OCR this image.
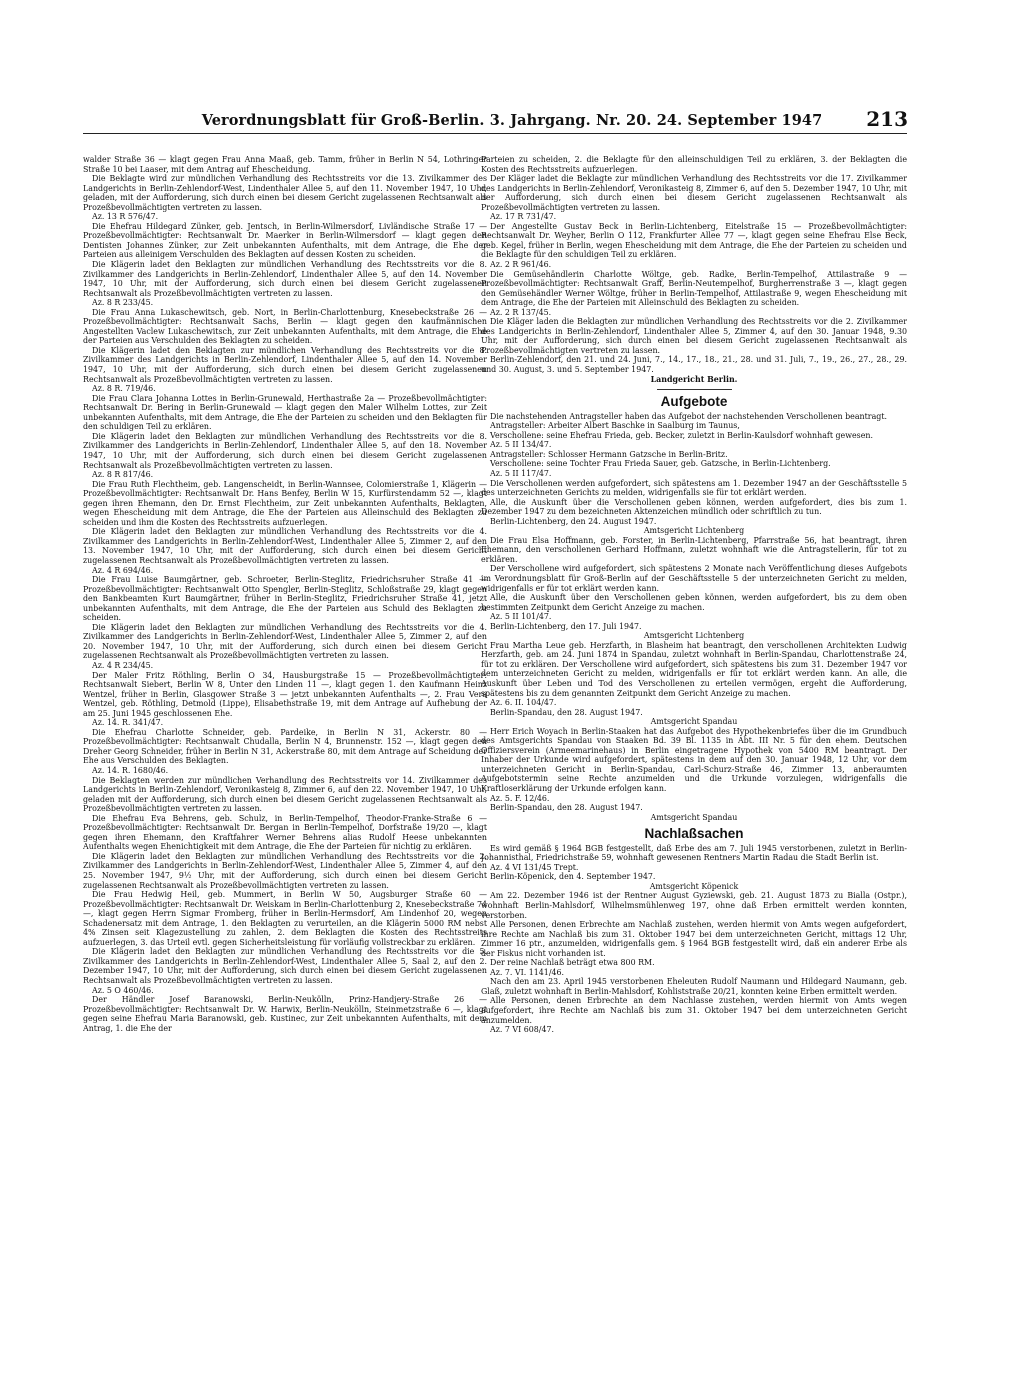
Verordnungsblatt für Groß-Berlin. 3. Jahrgang. Nr. 20. 24. September 1947	213

walder Straße 36 — klagt gegen Frau Anna Maaß, geb. Tamm, früher in Berlin N 54, Lothringer Straße 10 bei Laaser, mit dem Antrag auf Ehescheidung.

Die Beklagte wird zur mündlichen Verhandlung des Rechtsstreits vor die 13. Zivilkammer des Landgerichts in Berlin-Zehlendorf-West, Lindenthaler Allee 5, auf den 11. November 1947, 10 Uhr, geladen, mit der Aufforderung, sich durch einen bei diesem Gericht zugelassenen Rechtsanwalt als Prozeßbevollmächtigten vertreten zu lassen.

Az. 13 R 576/47.

Die Ehefrau Hildegard Zünker, geb. Jentsch, in Berlin-Wilmersdorf, Livländische Straße 17 — Prozeßbevollmächtigter: Rechtsanwalt Dr. Maerker in Berlin-Wilmersdorf — klagt gegen den Dentisten Johannes Zünker, zur Zeit unbekannten Aufenthalts, mit dem Antrage, die Ehe der Parteien aus alleinigem Verschulden des Beklagten auf dessen Kosten zu scheiden.

Die Klägerin ladet den Beklagten zur mündlichen Verhandlung des Rechtsstreits vor die 8. Zivilkammer des Landgerichts in Berlin-Zehlendorf, Lindenthaler Allee 5, auf den 14. November 1947, 10 Uhr, mit der Aufforderung, sich durch einen bei diesem Gericht zugelassenen Rechtsanwalt als Prozeßbevollmächtigten vertreten zu lassen.

Az. 8 R 233/45.

Die Frau Anna Lukaschewitsch, geb. Nort, in Berlin-Charlottenburg, Knesebeckstraße 26 — Prozeßbevollmächtigter: Rechtsanwalt Sachs, Berlin — klagt gegen den kaufmännischen Angestellten Vaclew Lukaschewitsch, zur Zeit unbekannten Aufenthalts, mit dem Antrage, die Ehe der Parteien aus Verschulden des Beklagten zu scheiden.

Die Klägerin ladet den Beklagten zur mündlichen Verhandlung des Rechtsstreits vor die 8. Zivilkammer des Landgerichts in Berlin-Zehlendorf, Lindenthaler Allee 5, auf den 14. November 1947, 10 Uhr, mit der Aufforderung, sich durch einen bei diesem Gericht zugelassenen Rechtsanwalt als Prozeßbevollmächtigten vertreten zu lassen.

Az. 8 R. 719/46.

Die Frau Clara Johanna Lottes in Berlin-Grunewald, Herthastraße 2a — Prozeßbevollmächtigter: Rechtsanwalt Dr. Bering in Berlin-Grunewald — klagt gegen den Maler Wilhelm Lottes, zur Zeit unbekannten Aufenthalts, mit dem Antrage, die Ehe der Parteien zu scheiden und den Beklagten für den schuldigen Teil zu erklären.

Die Klägerin ladet den Beklagten zur mündlichen Verhandlung des Rechtsstreits vor die 8. Zivilkammer des Landgerichts in Berlin-Zehlendorf, Lindenthaler Allee 5, auf den 18. November 1947, 10 Uhr, mit der Aufforderung, sich durch einen bei diesem Gericht zugelassenen Rechtsanwalt als Prozeßbevollmächtigten vertreten zu lassen.

Az. 8 R 817/46.

Die Frau Ruth Flechtheim, geb. Langenscheidt, in Berlin-Wannsee, Colomierstraße 1, Klägerin — Prozeßbevollmächtigter: Rechtsanwalt Dr. Hans Benfey, Berlin W 15, Kurfürstendamm 52 —, klagt gegen ihren Ehemann, den Dr. Ernst Flechtheim, zur Zeit unbekannten Aufenthalts, Beklagten, wegen Ehescheidung mit dem Antrage, die Ehe der Parteien aus Alleinschuld des Beklagten zu scheiden und ihm die Kosten des Rechtsstreits aufzuerlegen.

Die Klägerin ladet den Beklagten zur mündlichen Verhandlung des Rechtsstreits vor die 4. Zivilkammer des Landgerichts in Berlin-Zehlendorf-West, Lindenthaler Allee 5, Zimmer 2, auf den 13. November 1947, 10 Uhr, mit der Aufforderung, sich durch einen bei diesem Gericht zugelassenen Rechtsanwalt als Prozeßbevollmächtigten vertreten zu lassen.

Az. 4 R 694/46.

Die Frau Luise Baumgärtner, geb. Schroeter, Berlin-Steglitz, Friedrichsruher Straße 41 — Prozeßbevollmächtigter: Rechtsanwalt Otto Spengler, Berlin-Steglitz, Schloßstraße 29, klagt gegen den Bankbeamten Kurt Baumgärtner, früher in Berlin-Steglitz, Friedrichsruher Straße 41, jetzt unbekannten Aufenthalts, mit dem Antrage, die Ehe der Parteien aus Schuld des Beklagten zu scheiden.

Die Klägerin ladet den Beklagten zur mündlichen Verhandlung des Rechtsstreits vor die 4. Zivilkammer des Landgerichts in Berlin-Zehlendorf-West, Lindenthaler Allee 5, Zimmer 2, auf den 20. November 1947, 10 Uhr, mit der Aufforderung, sich durch einen bei diesem Gericht zugelassenen Rechtsanwalt als Prozeßbevollmächtigten vertreten zu lassen.

Az. 4 R 234/45.

Der Maler Fritz Röthling, Berlin O 34, Hausburgstraße 15 — Prozeßbevollmächtigter: Rechtsanwalt Siebert, Berlin W 8, Unter den Linden 11 —, klagt gegen 1. den Kaufmann Heinz Wentzel, früher in Berlin, Glasgower Straße 3 — jetzt unbekannten Aufenthalts —, 2. Frau Vera Wentzel, geb. Röthling, Detmold (Lippe), Elisabethstraße 19, mit dem Antrage auf Aufhebung der am 25. Juni 1945 geschlossenen Ehe.

Az. 14. R. 341/47.

Die Ehefrau Charlotte Schneider, geb. Pardeike, in Berlin N 31, Ackerstr. 80 — Prozeßbevollmächtigter: Rechtsanwalt Chudalla, Berlin N 4, Brunnenstr. 152 —, klagt gegen den Dreher Georg Schneider, früher in Berlin N 31, Ackerstraße 80, mit dem Antrage auf Scheidung der Ehe aus Verschulden des Beklagten.

Az. 14. R. 1680/46.

Die Beklagten werden zur mündlichen Verhandlung des Rechtsstreits vor 14. Zivilkammer des Landgerichts in Berlin-Zehlendorf, Veronikasteig 8, Zimmer 6, auf den 22. November 1947, 10 Uhr, geladen mit der Aufforderung, sich durch einen bei diesem Gericht zugelassenen Rechtsanwalt als Prozeßbevollmächtigten vertreten zu lassen.

Die Ehefrau Eva Behrens, geb. Schulz, in Berlin-Tempelhof, Theodor-Franke-Straße 6 — Prozeßbevollmächtigter: Rechtsanwalt Dr. Bergan in Berlin-Tempelhof, Dorfstraße 19/20 —, klagt gegen ihren Ehemann, den Kraftfahrer Werner Behrens alias Rudolf Heese unbekannten Aufenthalts wegen Ehenichtigkeit mit dem Antrage, die Ehe der Parteien für nichtig zu erklären.

Die Klägerin ladet den Beklagten zur mündlichen Verhandlung des Rechtsstreits vor die 2. Zivilkammer des Landgerichts in Berlin-Zehlendorf-West, Lindenthaler Allee 5, Zimmer 4, auf den 25. November 1947, 9½ Uhr, mit der Aufforderung, sich durch einen bei diesem Gericht zugelassenen Rechtsanwalt als Prozeßbevollmächtigten vertreten zu lassen.

Die Frau Hedwig Heil, geb. Mummert, in Berlin W 50, Augsburger Straße 60 — Prozeßbevollmächtigter: Rechtsanwalt Dr. Weiskam in Berlin-Charlottenburg 2, Knesebeckstraße 74 —, klagt gegen Herrn Sigmar Fromberg, früher in Berlin-Hermsdorf, Am Lindenhof 20, wegen Schadenersatz mit dem Antrage, 1. den Beklagten zu verurteilen, an die Klägerin 5000 RM nebst 4% Zinsen seit Klagezustellung zu zahlen, 2. dem Beklagten die Kosten des Rechtsstreits aufzuerlegen, 3. das Urteil evtl. gegen Sicherheitsleistung für vorläufig vollstreckbar zu erklären.

Die Klägerin ladet den Beklagten zur mündlichen Verhandlung des Rechtsstreits vor die 5. Zivilkammer des Landgerichts in Berlin-Zehlendorf-West, Lindenthaler Allee 5, Saal 2, auf den 2. Dezember 1947, 10 Uhr, mit der Aufforderung, sich durch einen bei diesem Gericht zugelassenen Rechtsanwalt als Prozeßbevollmächtigten vertreten zu lassen.

Az. 5 O 460/46.

Der Händler Josef Baranowski, Berlin-Neukölln, Prinz-Handjery-Straße 26 — Prozeßbevollmächtigter: Rechtsanwalt Dr. W. Harwix, Berlin-Neukölln, Steinmetzstraße 6 —, klagt gegen seine Ehefrau Maria Baranowski, geb. Kustinec, zur Zeit unbekannten Aufenthalts, mit dem Antrag, 1. die Ehe der

Parteien zu scheiden, 2. die Beklagte für den alleinschuldigen Teil zu erklären, 3. der Beklagten die Kosten des Rechtsstreits aufzuerlegen.

Der Kläger ladet die Beklagte zur mündlichen Verhandlung des Rechtsstreits vor die 17. Zivilkammer des Landgerichts in Berlin-Zehlendorf, Veronikasteig 8, Zimmer 6, auf den 5. Dezember 1947, 10 Uhr, mit der Aufforderung, sich durch einen bei diesem Gericht zugelassenen Rechtsanwalt als Prozeßbevollmächtigten vertreten zu lassen.

Az. 17 R 731/47.

Der Angestellte Gustav Beck in Berlin-Lichtenberg, Eitelstraße 15 — Prozeßbevollmächtigter: Rechtsanwalt Dr. Weyher, Berlin O 112, Frankfurter Allee 77 —, klagt gegen seine Ehefrau Else Beck, geb. Kegel, früher in Berlin, wegen Ehescheidung mit dem Antrage, die Ehe der Parteien zu scheiden und die Beklagte für den schuldigen Teil zu erklären.

Az. 2 R 961/46.

Die Gemüsehändlerin Charlotte Wöltge, geb. Radke, Berlin-Tempelhof, Attilastraße 9 — Prozeßbevollmächtigter: Rechtsanwalt Graff, Berlin-Neutempelhof, Burgherrenstraße 3 —, klagt gegen den Gemüsehändler Werner Wöltge, früher in Berlin-Tempelhof, Attilastraße 9, wegen Ehescheidung mit dem Antrage, die Ehe der Parteien mit Alleinschuld des Beklagten zu scheiden.

Az. 2 R 137/45.

Die Kläger laden die Beklagten zur mündlichen Verhandlung des Rechtsstreits vor die 2. Zivilkammer des Landgerichts in Berlin-Zehlendorf, Lindenthaler Allee 5, Zimmer 4, auf den 30. Januar 1948, 9.30 Uhr, mit der Aufforderung, sich durch einen bei diesem Gericht zugelassenen Rechtsanwalt als Prozeßbevollmächtigten vertreten zu lassen.

Berlin-Zehlendorf, den 21. und 24. Juni, 7., 14., 17., 18., 21., 28. und 31. Juli, 7., 19., 26., 27., 28., 29. und 30. August, 3. und 5. September 1947.

Landgericht Berlin.

Aufgebote

Die nachstehenden Antragsteller haben das Aufgebot der nachstehenden Verschollenen beantragt.

Antragsteller: Arbeiter Albert Baschke in Saalburg im Taunus,

Verschollene: seine Ehefrau Frieda, geb. Becker, zuletzt in Berlin-Kaulsdorf wohnhaft gewesen.

Az. 5 II 134/47.

Antragsteller: Schlosser Hermann Gatzsche in Berlin-Britz.

Verschollene: seine Tochter Frau Frieda Sauer, geb. Gatzsche, in Berlin-Lichtenberg.

Az. 5 II 117/47.

Die Verschollenen werden aufgefordert, sich spätestens am 1. Dezember 1947 an der Geschäftsstelle 5 des unterzeichneten Gerichts zu melden, widrigenfalls sie für tot erklärt werden.

Alle, die Auskunft über die Verschollenen geben können, werden aufgefordert, dies bis zum 1. Dezember 1947 zu dem bezeichneten Aktenzeichen mündlich oder schriftlich zu tun.

Berlin-Lichtenberg, den 24. August 1947.

Amtsgericht Lichtenberg

Die Frau Elsa Hoffmann, geb. Forster, in Berlin-Lichtenberg, Pfarrstraße 56, hat beantragt, ihren Ehemann, den verschollenen Gerhard Hoffmann, zuletzt wohnhaft wie die Antragstellerin, für tot zu erklären.

Der Verschollene wird aufgefordert, sich spätestens 2 Monate nach Veröffentlichung dieses Aufgebots im Verordnungsblatt für Groß-Berlin auf der Geschäftsstelle 5 der unterzeichneten Gericht zu melden, widrigenfalls er für tot erklärt werden kann.

Alle, die Auskunft über den Verschollenen geben können, werden aufgefordert, bis zu dem oben bestimmten Zeitpunkt dem Gericht Anzeige zu machen.

Az. 5 II 101/47.

Berlin-Lichtenberg, den 17. Juli 1947.

Amtsgericht Lichtenberg

Frau Martha Leue geb. Herzfarth, in Blasheim hat beantragt, den verschollenen Architekten Ludwig Herzfarth, geb. am 24. Juni 1874 in Spandau, zuletzt wohnhaft in Berlin-Spandau, Charlottenstraße 24, für tot zu erklären. Der Verschollene wird aufgefordert, sich spätestens bis zum 31. Dezember 1947 vor dem unterzeichneten Gericht zu melden, widrigenfalls er für tot erklärt werden kann. An alle, die Auskunft über Leben und Tod des Verschollenen zu erteilen vermögen, ergeht die Aufforderung, spätestens bis zu dem genannten Zeitpunkt dem Gericht Anzeige zu machen.

Az. 6. II. 104/47.

Berlin-Spandau, den 28. August 1947.

Amtsgericht Spandau

Herr Erich Woyach in Berlin-Staaken hat das Aufgebot des Hypothekenbriefes über die im Grundbuch des Amtsgerichts Spandau von Staaken Bd. 39 Bl. 1135 in Abt. III Nr. 5 für den ehem. Deutschen Offiziersverein (Armeemarinehaus) in Berlin eingetragene Hypothek von 5400 RM beantragt. Der Inhaber der Urkunde wird aufgefordert, spätestens in dem auf den 30. Januar 1948, 12 Uhr, vor dem unterzeichneten Gericht in Berlin-Spandau, Carl-Schurz-Straße 46, Zimmer 13, anberaumten Aufgebotstermin seine Rechte anzumelden und die Urkunde vorzulegen, widrigenfalls die Kraftloserklärung der Urkunde erfolgen kann.

Az. 5. F. 12/46.

Berlin-Spandau, den 28. August 1947.

Amtsgericht Spandau

Nachlaßsachen

Es wird gemäß § 1964 BGB festgestellt, daß Erbe des am 7. Juli 1945 verstorbenen, zuletzt in Berlin-Johannisthal, Friedrichstraße 59, wohnhaft gewesenen Rentners Martin Radau die Stadt Berlin ist.

Az. 4 VI 131/45 Trept.

Berlin-Köpenick, den 4. September 1947.

Amtsgericht Köpenick

Am 22. Dezember 1946 ist der Rentner August Gyziewski, geb. 21. August 1873 zu Bialla (Ostpr.), wohnhaft Berlin-Mahlsdorf, Wilhelmsmühlenweg 197, ohne daß Erben ermittelt werden konnten, verstorben.

Alle Personen, denen Erbrechte am Nachlaß zustehen, werden hiermit von Amts wegen aufgefordert, ihre Rechte am Nachlaß bis zum 31. Oktober 1947 bei dem unterzeichneten Gericht, mittags 12 Uhr, Zimmer 16 ptr., anzumelden, widrigenfalls gem. § 1964 BGB festgestellt wird, daß ein anderer Erbe als der Fiskus nicht vorhanden ist.

Der reine Nachlaß beträgt etwa 800 RM.

Az. 7. VI. 1141/46.

Nach den am 23. April 1945 verstorbenen Eheleuten Rudolf Naumann und Hildegard Naumann, geb. Glaß, zuletzt wohnhaft in Berlin-Mahlsdorf, Kohliststraße 20/21, konnten keine Erben ermittelt werden.

Alle Personen, denen Erbrechte an dem Nachlasse zustehen, werden hiermit von Amts wegen aufgefordert, ihre Rechte am Nachlaß bis zum 31. Oktober 1947 bei dem unterzeichneten Gericht anzumelden.

Az. 7 VI 608/47.
